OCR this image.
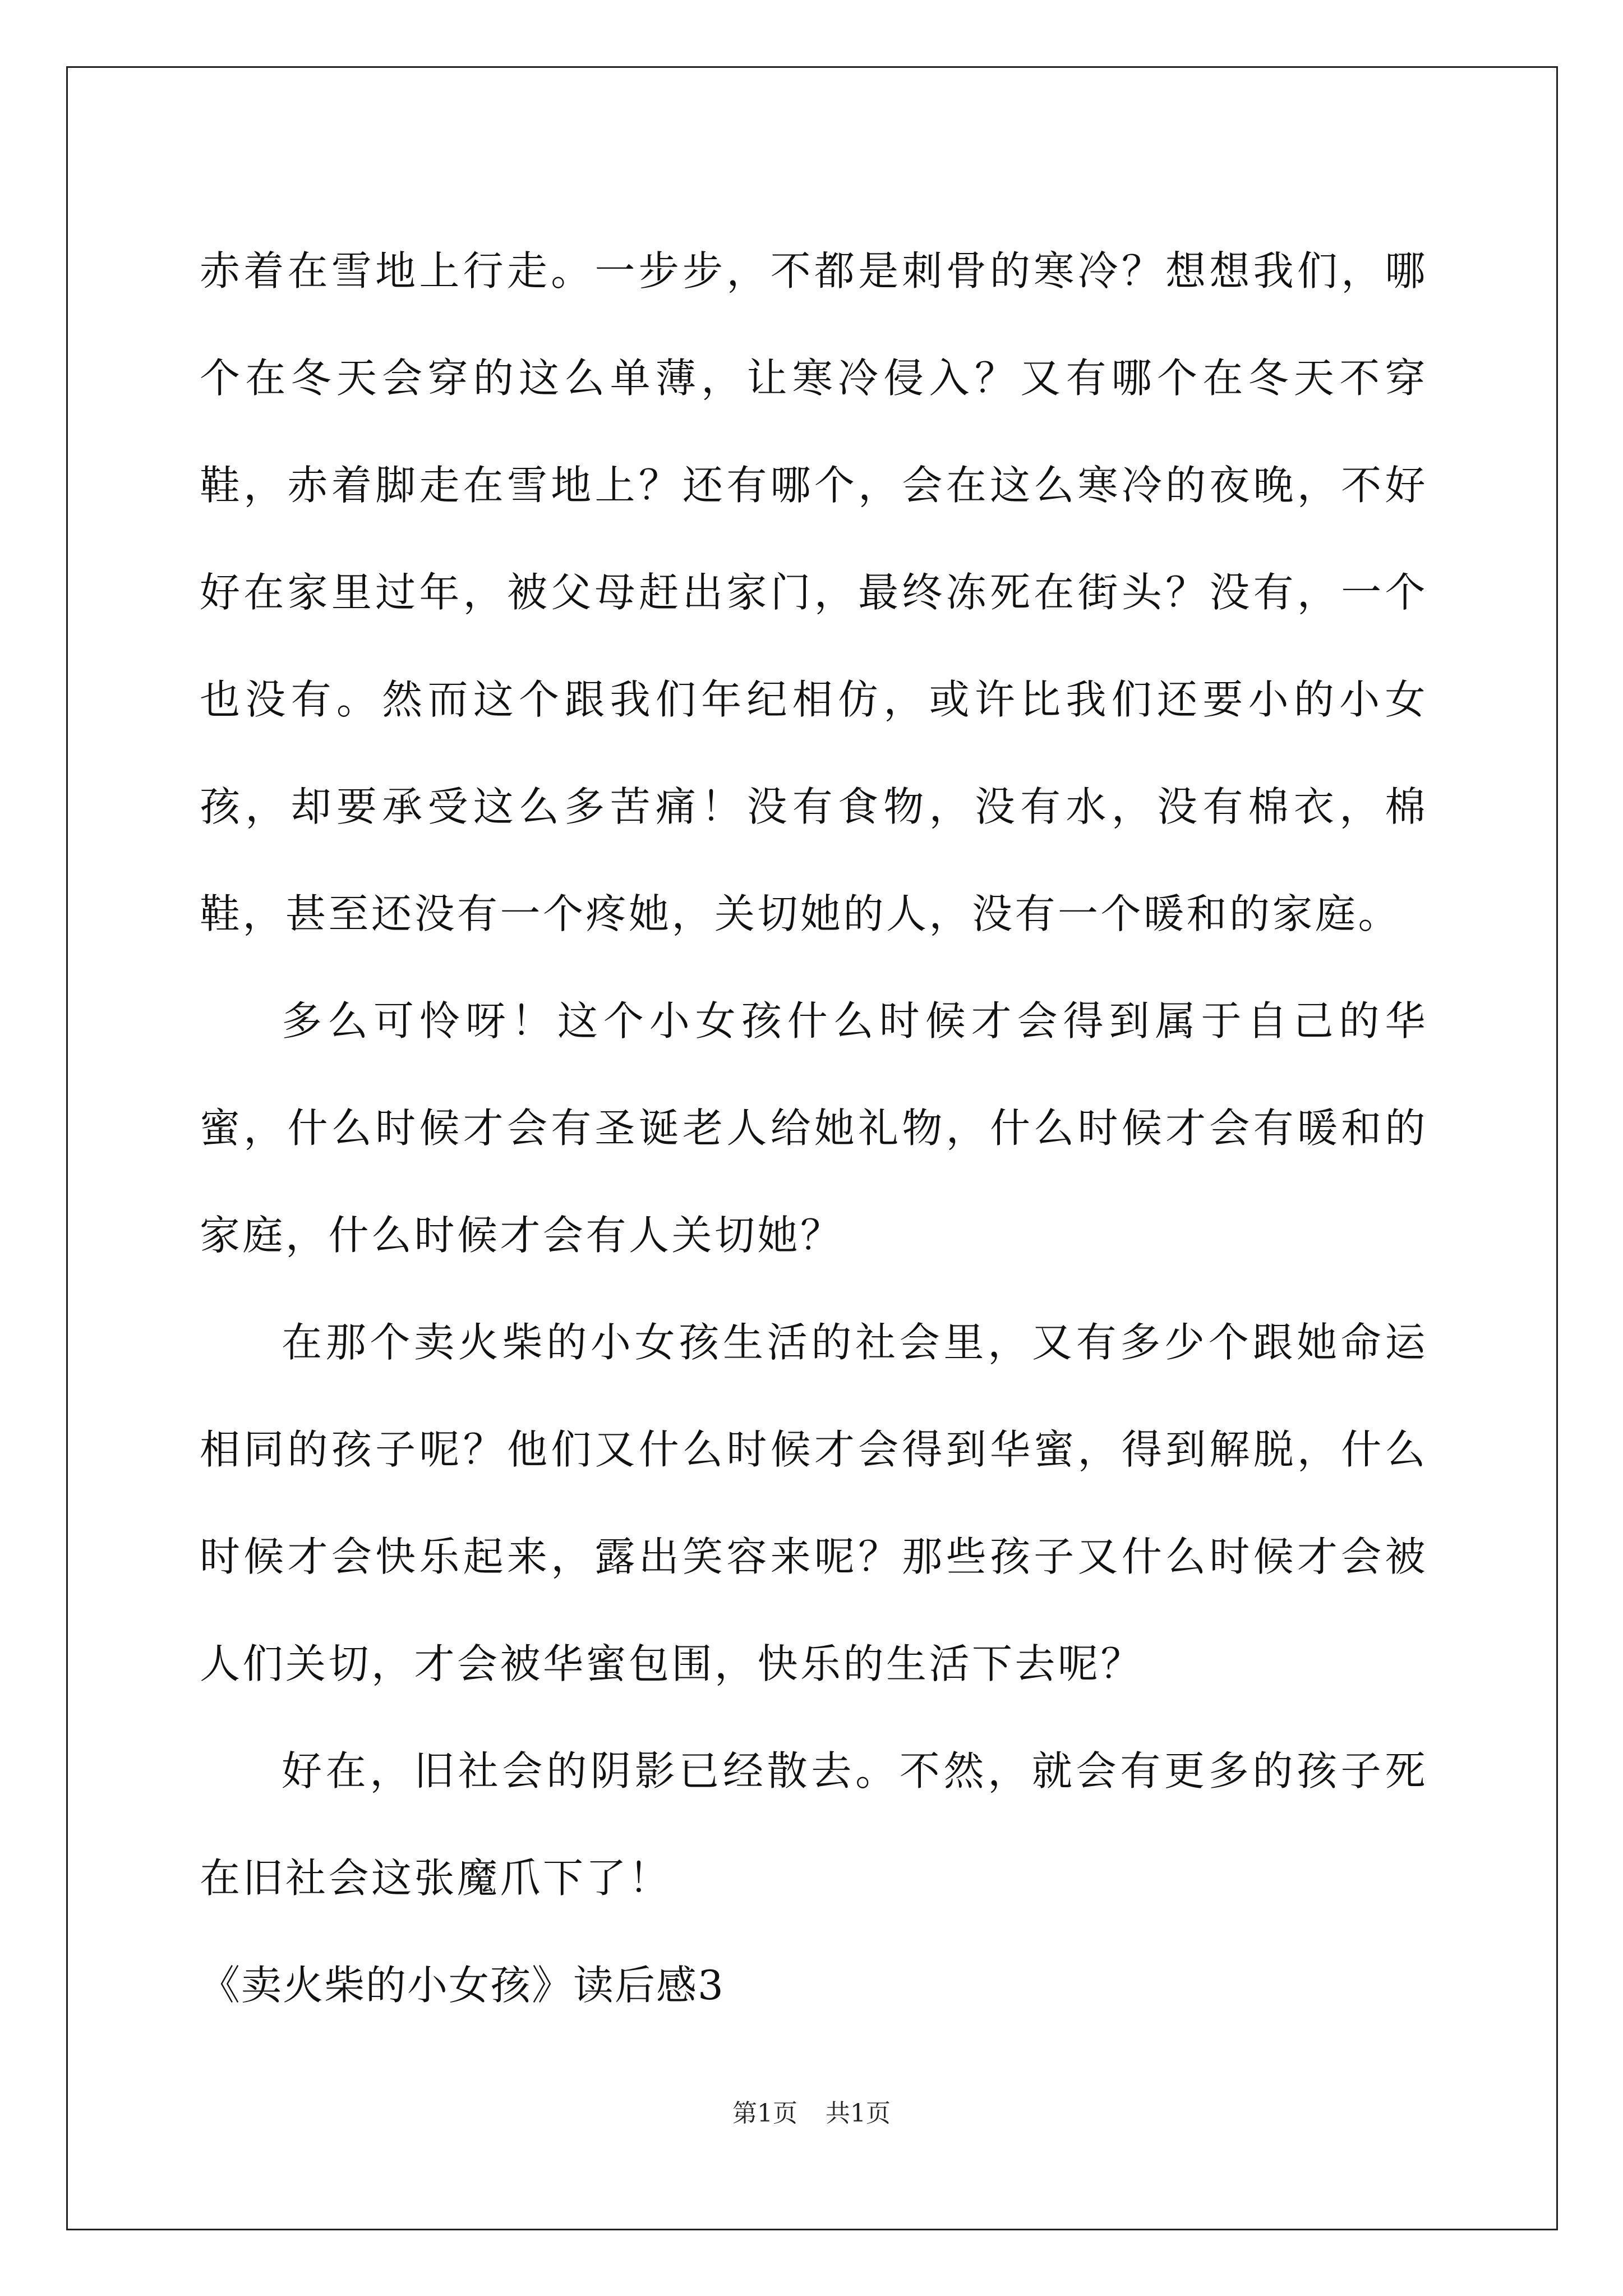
赤着在雪地上行走。一步步，不都是刺骨的寒冷？想想我们，哪个在冬天会穿的这么单薄，让寒冷侵入？又有哪个在冬天不穿鞋，赤着脚走在雪地上？还有哪个，会在这么寒冷的夜晚，不好好在家里过年，被父母赶出家门，最终冻死在街头？没有，一个也没有。然而这个跟我们年纪相仿，或许比我们还要小的小女孩，却要承受这么多苦痛！没有食物，没有水，没有棉衣，棉鞋，甚至还没有一个疼她，关切她的人，没有一个暖和的家庭。

多么可怜呀！这个小女孩什么时候才会得到属于自己的华蜜，什么时候才会有圣诞老人给她礼物，什么时候才会有暖和的家庭，什么时候才会有人关切她？

在那个卖火柴的小女孩生活的社会里，又有多少个跟她命运相同的孩子呢？他们又什么时候才会得到华蜜，得到解脱，什么时候才会快乐起来，露出笑容来呢？那些孩子又什么时候才会被人们关切，才会被华蜜包围，快乐的生活下去呢？

好在，旧社会的阴影已经散去。不然，就会有更多的孩子死在旧社会这张魔爪下了！

《卖火柴的小女孩》读后感3

第1页 共1页
